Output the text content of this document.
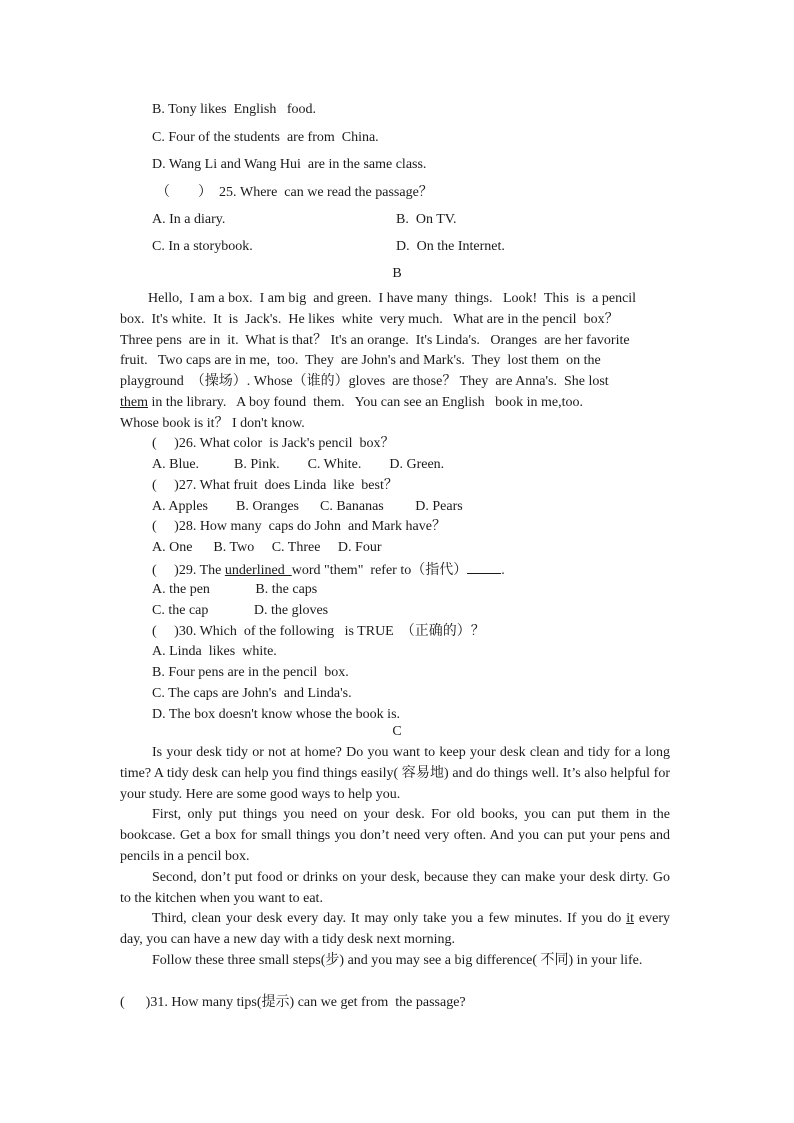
B. Tony likes  English   food.
C. Four of the students  are from  China.
D. Wang Li and Wang Hui  are in the same class.
（        ）  25. Where  can we read the passage？
A. In a diary.	B.  On TV.
C. In a storybook.	D.  On the Internet.
B
Hello,  I am a box.  I am big  and green.  I have many  things.   Look!  This  is  a pencil
box.  It's white.  It  is  Jack's.  He likes  white  very much.   What are in the pencil  box？
Three pens  are in  it.  What is that？ It's an orange.  It's Linda's.   Oranges  are her favorite
fruit.   Two caps are in me,  too.  They  are John's and Mark's.  They  lost them  on the
playground  （操场）. Whose（谁的）gloves  are those？ They  are Anna's.  She lost
them in the library.   A boy found  them.   You can see an English   book in me,too.
Whose book is it？ I don't know.
(     )26. What color  is Jack's pencil  box？
A. Blue.          B. Pink.        C. White.        D. Green.
(     )27. What fruit  does Linda  like  best？
A. Apples        B. Oranges      C. Bananas         D. Pears
(     )28. How many  caps do John  and Mark have？
A. One      B. Two     C. Three     D. Four
(     )29. The underlined  word "them"  refer to（指代） .
A. the pen             B. the caps
C. the cap             D. the gloves
(     )30. Which  of the following   is TRUE  （正确的）？
A. Linda  likes  white.
B. Four pens are in the pencil  box.
C. The caps are John's  and Linda's.
D. The box doesn't know whose the book is.
C
Is your desk tidy or not at home? Do you want to keep your desk clean and tidy for a long time? A tidy desk can help you find things easily( 容易地) and do things well. It’s also helpful for your study. Here are some good ways to help you.
First, only put things you need on your desk. For old books, you can put them in the bookcase. Get a box for small things you don’t need very often. And you can put your pens and pencils in a pencil box.
Second, don’t put food or drinks on your desk, because they can make your desk dirty. Go to the kitchen when you want to eat.
Third, clean your desk every day. It may only take you a few minutes. If you do it every day, you can have a new day with a tidy desk next morning.
Follow these three small steps(步) and you may see a big difference( 不同) in your life.
(      )31. How many tips(提示) can we get from  the passage?
